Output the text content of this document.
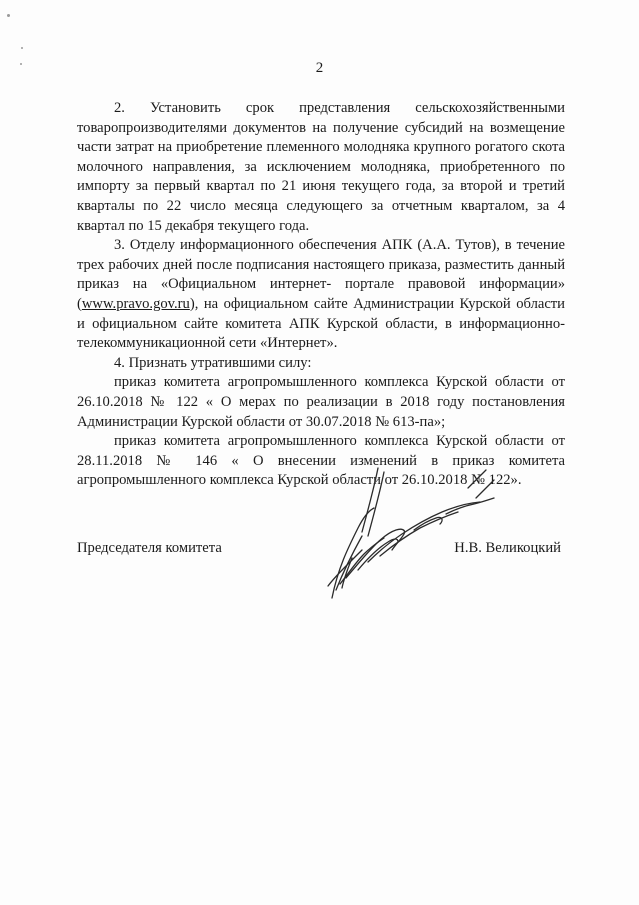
2

2. Установить срок представления сельскохозяйственными товаропроизводителями документов на получение субсидий на возмещение части затрат на приобретение племенного молодняка крупного рогатого скота молочного направления, за исключением молодняка, приобретенного по импорту за первый квартал по 21 июня текущего года, за второй и третий кварталы по 22 число месяца следующего за отчетным кварталом, за 4 квартал по 15 декабря текущего года.

3. Отделу информационного обеспечения АПК (А.А. Тутов), в течение трех рабочих дней после подписания настоящего приказа, разместить данный приказ на «Официальном интернет- портале правовой информации» (www.pravo.gov.ru), на официальном сайте Администрации Курской области и официальном сайте комитета АПК Курской области, в информационно- телекоммуникационной сети «Интернет».

4. Признать утратившими силу:

приказ комитета агропромышленного комплекса Курской области от 26.10.2018 № 122 « О мерах по реализации в 2018 году постановления Администрации Курской области от 30.07.2018 № 613-па»;

приказ комитета агропромышленного комплекса Курской области от 28.11.2018 № 146 « О внесении изменений в приказ комитета агропромышленного комплекса Курской области от 26.10.2018 № 122».

Председателя комитета	Н.В. Великоцкий
